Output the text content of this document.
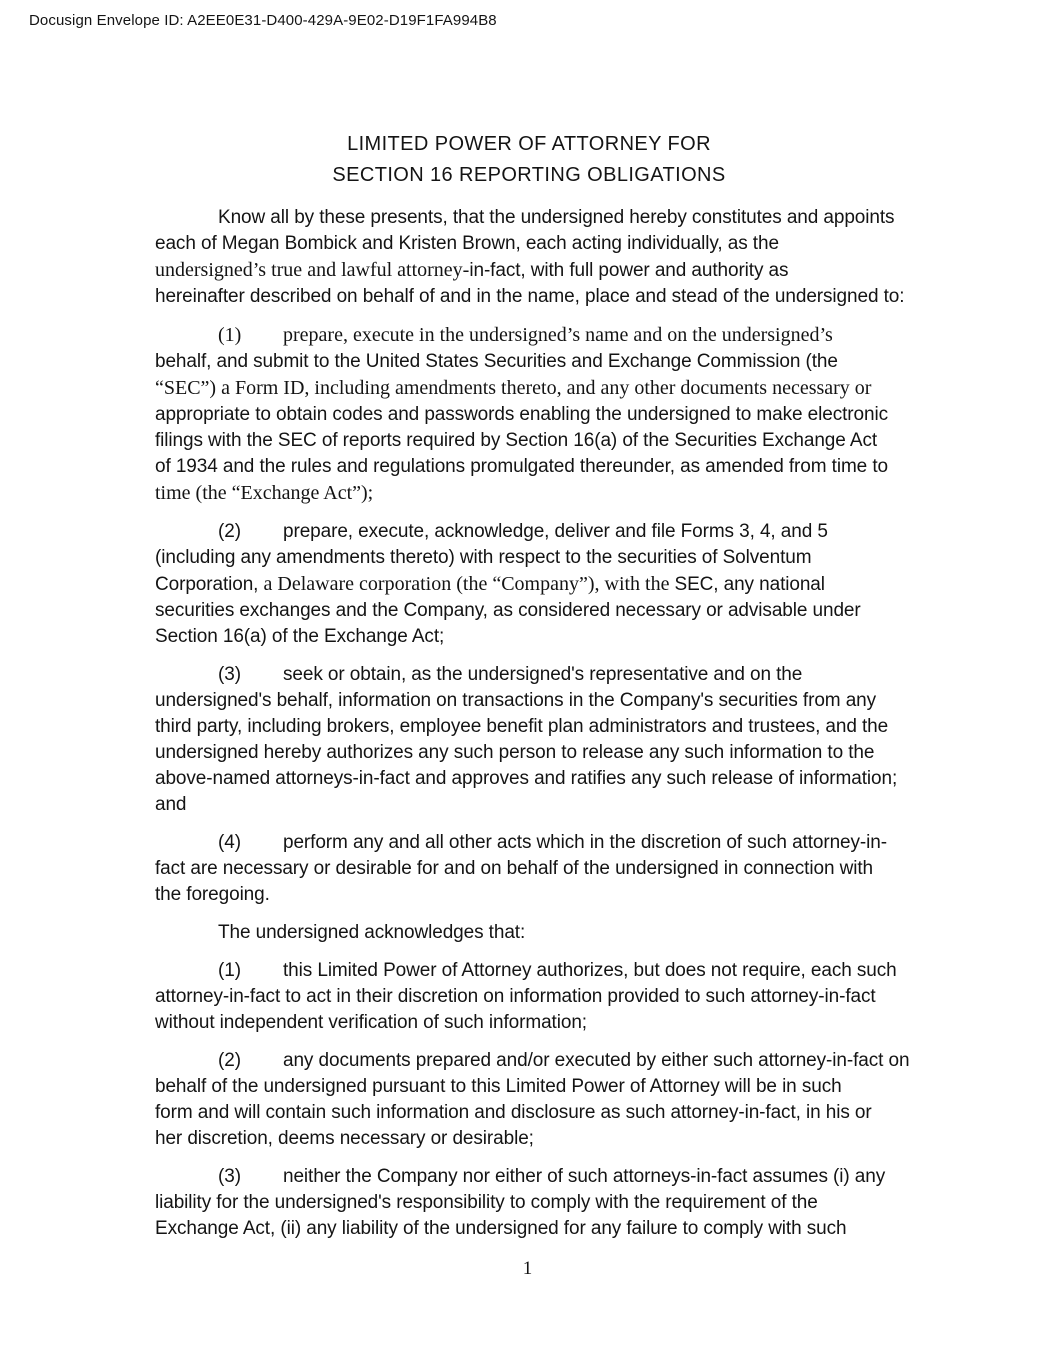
Docusign Envelope ID: A2EE0E31-D400-429A-9E02-D19F1FA994B8
LIMITED POWER OF ATTORNEY FOR
SECTION 16 REPORTING OBLIGATIONS
Know all by these presents, that the undersigned hereby constitutes and appoints
each of Megan Bombick and Kristen Brown, each acting individually, as the
undersigned’s true and lawful attorney-in-fact, with full power and authority as
hereinafter described on behalf of and in the name, place and stead of the undersigned to:
(1) prepare, execute in the undersigned’s name and on the undersigned’s
behalf, and submit to the United States Securities and Exchange Commission (the
“SEC”) a Form ID, including amendments thereto, and any other documents necessary or
appropriate to obtain codes and passwords enabling the undersigned to make electronic
filings with the SEC of reports required by Section 16(a) of the Securities Exchange Act
of 1934 and the rules and regulations promulgated thereunder, as amended from time to
time (the “Exchange Act”);
(2) prepare, execute, acknowledge, deliver and file Forms 3, 4, and 5
(including any amendments thereto) with respect to the securities of Solventum
Corporation, a Delaware corporation (the “Company”), with the SEC, any national
securities exchanges and the Company, as considered necessary or advisable under
Section 16(a) of the Exchange Act;
(3) seek or obtain, as the undersigned's representative and on the
undersigned's behalf, information on transactions in the Company's securities from any
third party, including brokers, employee benefit plan administrators and trustees, and the
undersigned hereby authorizes any such person to release any such information to the
above-named attorneys-in-fact and approves and ratifies any such release of information;
and
(4) perform any and all other acts which in the discretion of such attorney-in-
fact are necessary or desirable for and on behalf of the undersigned in connection with
the foregoing.
The undersigned acknowledges that:
(1) this Limited Power of Attorney authorizes, but does not require, each such
attorney-in-fact to act in their discretion on information provided to such attorney-in-fact
without independent verification of such information;
(2) any documents prepared and/or executed by either such attorney-in-fact on
behalf of the undersigned pursuant to this Limited Power of Attorney will be in such
form and will contain such information and disclosure as such attorney-in-fact, in his or
her discretion, deems necessary or desirable;
(3) neither the Company nor either of such attorneys-in-fact assumes (i) any
liability for the undersigned's responsibility to comply with the requirement of the
Exchange Act, (ii) any liability of the undersigned for any failure to comply with such
1
